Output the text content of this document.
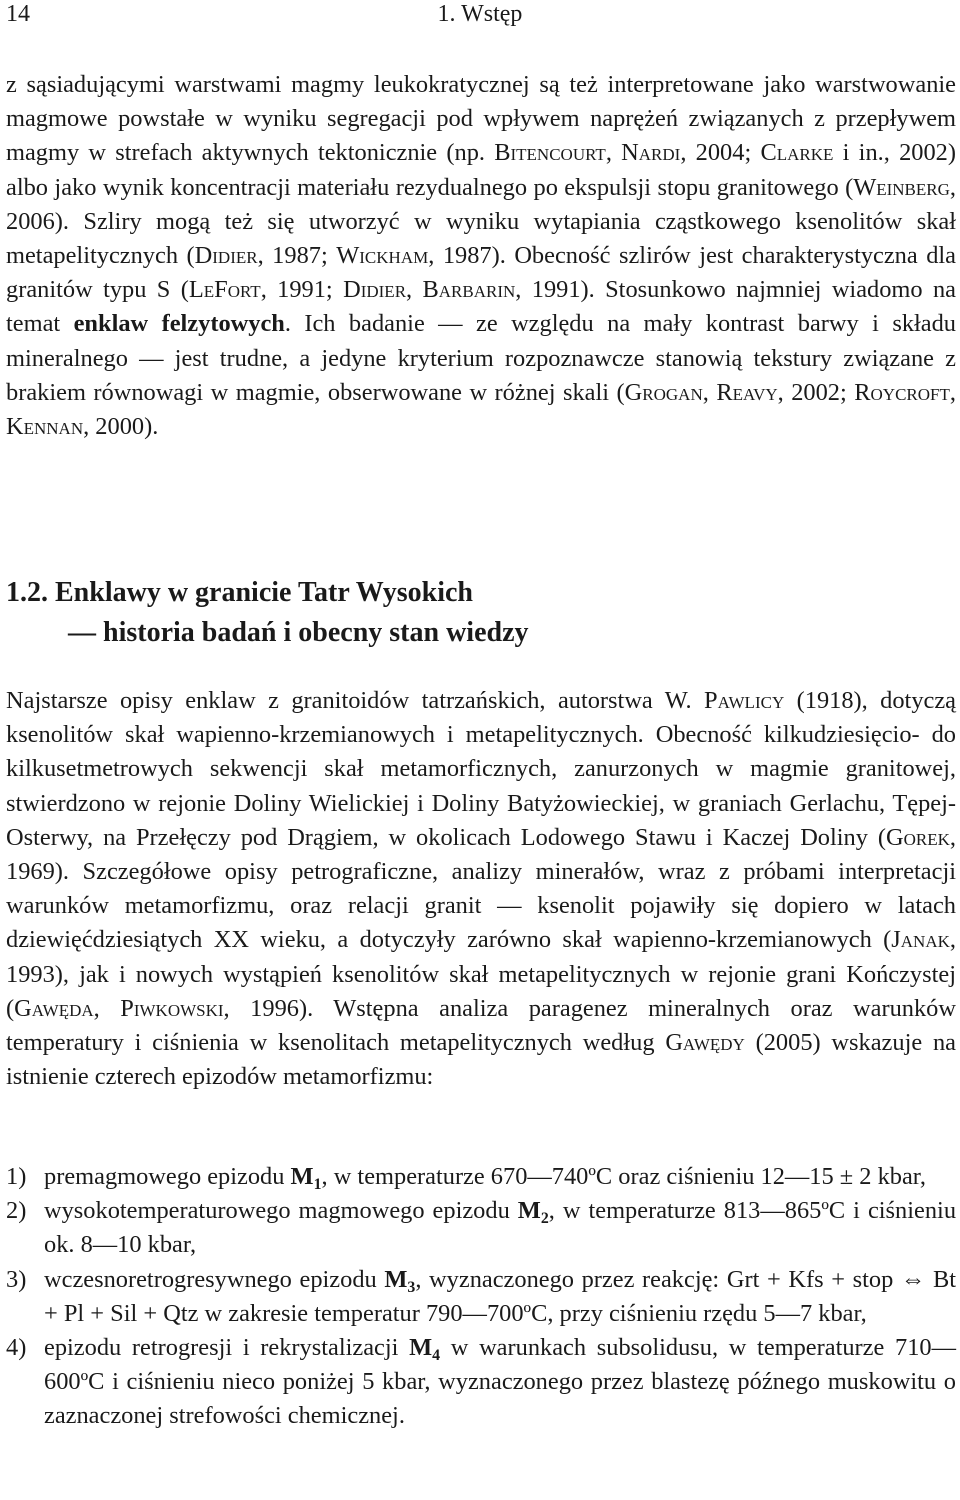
14	1. Wstęp

z sąsiadującymi warstwami magmy leukokratycznej są też interpretowane jako warstwowanie magmowe powstałe w wyniku segregacji pod wpływem naprężeń związanych z przepływem magmy w strefach aktywnych tektonicznie (np. Bitencourt, Nardi, 2004; Clarke i in., 2002) albo jako wynik koncentracji materiału rezydualnego po ekspulsji stopu granitowego (Weinberg, 2006). Szliry mogą też się utworzyć w wyniku wytapiania cząstkowego ksenolitów skał metapelitycznych (Didier, 1987; Wickham, 1987). Obecność szlirów jest charakterystyczna dla granitów typu S (LeFort, 1991; Didier, Barbarin, 1991). Stosunkowo najmniej wiadomo na temat enklaw felzytowych. Ich badanie — ze względu na mały kontrast barwy i składu mineralnego — jest trudne, a jedyne kryterium rozpoznawcze stanowią tekstury związane z brakiem równowagi w magmie, obserwowane w różnej skali (Grogan, Reavy, 2002; Roycroft, Kennan, 2000).

1.2. Enklawy w granicie Tatr Wysokich
— historia badań i obecny stan wiedzy

Najstarsze opisy enklaw z granitoidów tatrzańskich, autorstwa W. Pawlicy (1918), dotyczą ksenolitów skał wapienno-krzemianowych i metapelitycznych. Obecność kilkudziesięcio- do kilkusetmetrowych sekwencji skał metamorficznych, zanurzonych w magmie granitowej, stwierdzono w rejonie Doliny Wielickiej i Doliny Batyżowieckiej, w graniach Gerlachu, Tępej-Osterwy, na Przełęczy pod Drągiem, w okolicach Lodowego Stawu i Kaczej Doliny (Gorek, 1969). Szczegółowe opisy petrograficzne, analizy minerałów, wraz z próbami interpretacji warunków metamorfizmu, oraz relacji granit — ksenolit pojawiły się dopiero w latach dziewięćdziesiątych XX wieku, a dotyczyły zarówno skał wapienno-krzemianowych (Janak, 1993), jak i nowych wystąpień ksenolitów skał metapelitycznych w rejonie grani Kończystej (Gawęda, Piwkowski, 1996). Wstępna analiza paragenez mineralnych oraz warunków temperatury i ciśnienia w ksenolitach metapelitycznych według Gawędy (2005) wskazuje na istnienie czterech epizodów metamorfizmu:

1) premagmowego epizodu $M_1$, w temperaturze 670—740ºC oraz ciśnieniu 12—15 ± 2 kbar,
2) wysokotemperaturowego magmowego epizodu $M_2$, w temperaturze 813—865ºC i ciśnieniu ok. 8—10 kbar,
3) wczesnoretrogresywnego epizodu $M_3$, wyznaczonego przez reakcję: Grt + Kfs + stop ⇔ Bt + Pl + Sil + Qtz w zakresie temperatur 790—700ºC, przy ciśnieniu rzędu 5—7 kbar,
4) epizodu retrogresji i rekrystalizacji $M_4$ w warunkach subsolidusu, w temperaturze 710—600ºC i ciśnieniu nieco poniżej 5 kbar, wyznaczonego przez blastezę późnego muskowitu o zaznaczonej strefowości chemicznej.
